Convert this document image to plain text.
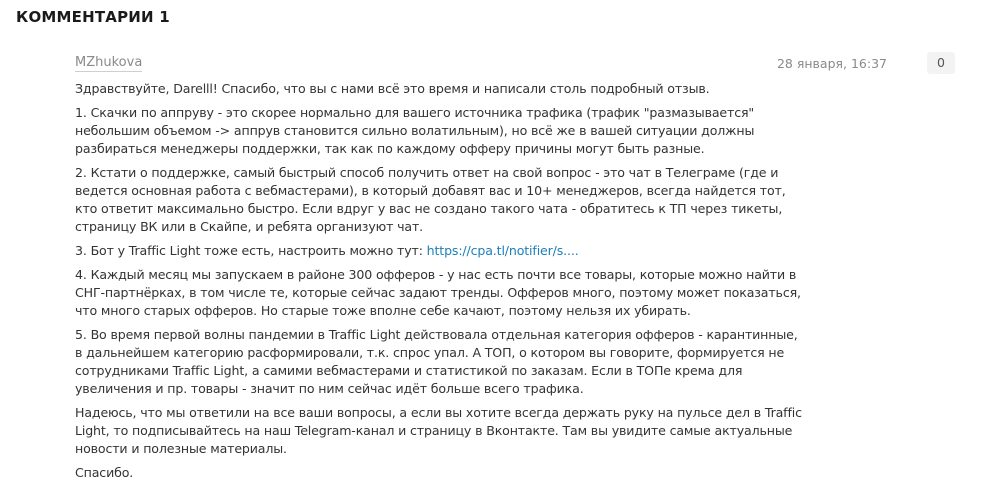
КОММЕНТАРИИ 1
MZhukova	28 января, 16:37	0

Здравствуйте, Darelll! Спасибо, что вы с нами всё это время и написали столь подробный отзыв.

1. Скачки по аппруву - это скорее нормально для вашего источника трафика (трафик "размазывается" небольшим объемом -> аппрув становится сильно волатильным), но всё же в вашей ситуации должны разбираться менеджеры поддержки, так как по каждому офферу причины могут быть разные.

2. Кстати о поддержке, самый быстрый способ получить ответ на свой вопрос - это чат в Телеграме (где и ведется основная работа с вебмастерами), в который добавят вас и 10+ менеджеров, всегда найдется тот, кто ответит максимально быстро. Если вдруг у вас не создано такого чата - обратитесь к ТП через тикеты, страницу ВК или в Скайпе, и ребята организуют чат.

3. Бот у Traffic Light тоже есть, настроить можно тут: https://cpa.tl/notifier/s....

4. Каждый месяц мы запускаем в районе 300 офферов - у нас есть почти все товары, которые можно найти в СНГ-партнёрках, в том числе те, которые сейчас задают тренды. Офферов много, поэтому может показаться, что много старых офферов. Но старые тоже вполне себе качают, поэтому нельзя их убирать.

5. Во время первой волны пандемии в Traffic Light действовала отдельная категория офферов - карантинные, в дальнейшем категорию расформировали, т.к. спрос упал. А ТОП, о котором вы говорите, формируется не сотрудниками Traffic Light, а самими вебмастерами и статистикой по заказам. Если в ТОПе крема для увеличения и пр. товары - значит по ним сейчас идёт больше всего трафика.

Надеюсь, что мы ответили на все ваши вопросы, а если вы хотите всегда держать руку на пульсе дел в Traffic Light, то подписывайтесь на наш Telegram-канал и страницу в Вконтакте. Там вы увидите самые актуальные новости и полезные материалы.

Спасибо.
